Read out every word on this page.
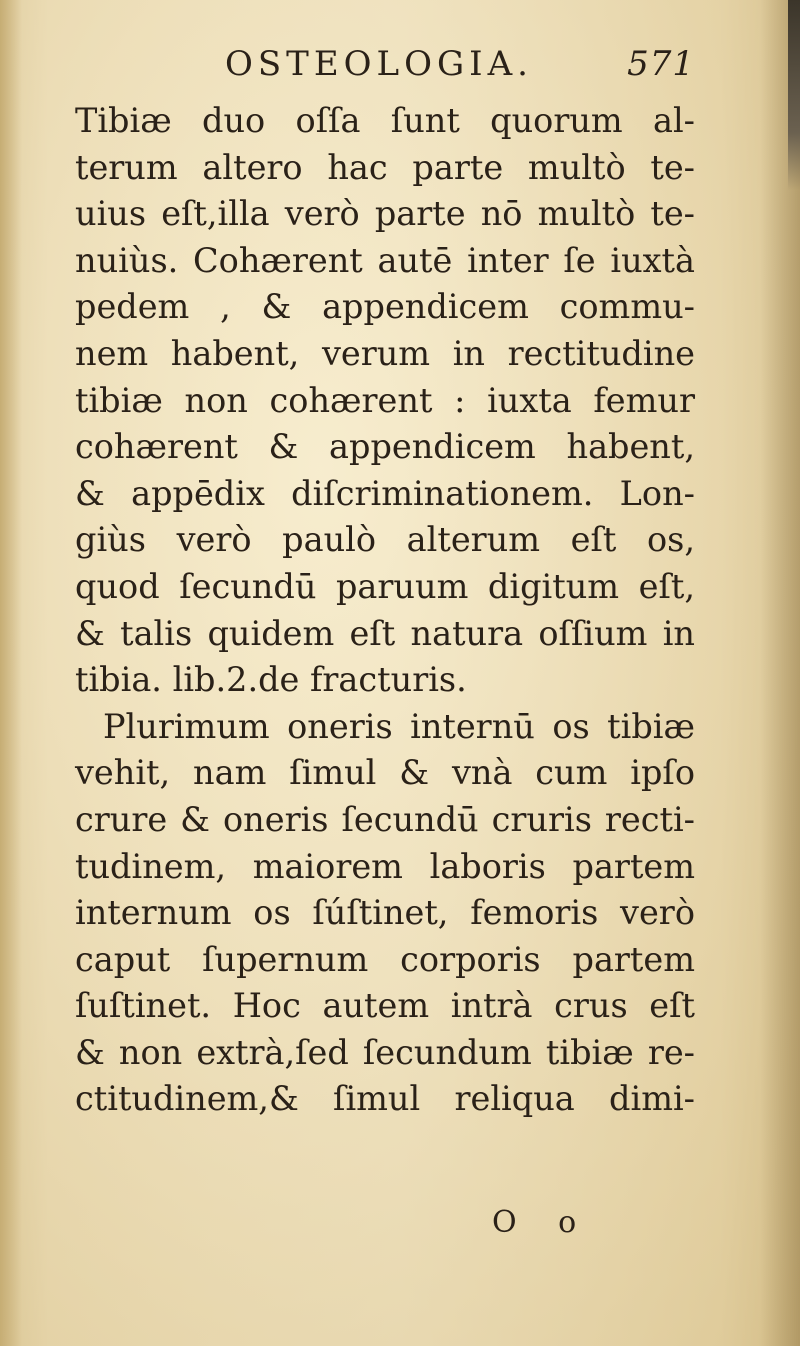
OSTEOLOGIA.	571
Tibiæ duo oſſa ſunt quorum al-
terum altero hac parte multò te-
uius eſt,illa verò parte nō multò te-
nuiùs. Cohærent autē inter ſe iuxtà
pedem , & appendicem commu-
nem habent, verum in rectitudine
tibiæ non cohærent : iuxta femur
cohærent & appendicem habent,
& appēdix diſcriminationem. Lon-
giùs verò paulò alterum eſt os,
quod ſecundū paruum digitum eſt,
& talis quidem eſt natura oſſium in
tibia. lib.2.de fracturis.
Plurimum oneris internū os tibiæ
vehit, nam ſimul & vnà cum ipſo
crure & oneris ſecundū cruris recti-
tudinem, maiorem laboris partem
internum os ſúſtinet, femoris verò
caput ſupernum corporis partem
ſuſtinet. Hoc autem intrà crus eſt
& non extrà,ſed ſecundum tibiæ re-
ctitudinem,& ſimul reliqua dimi-
O o
